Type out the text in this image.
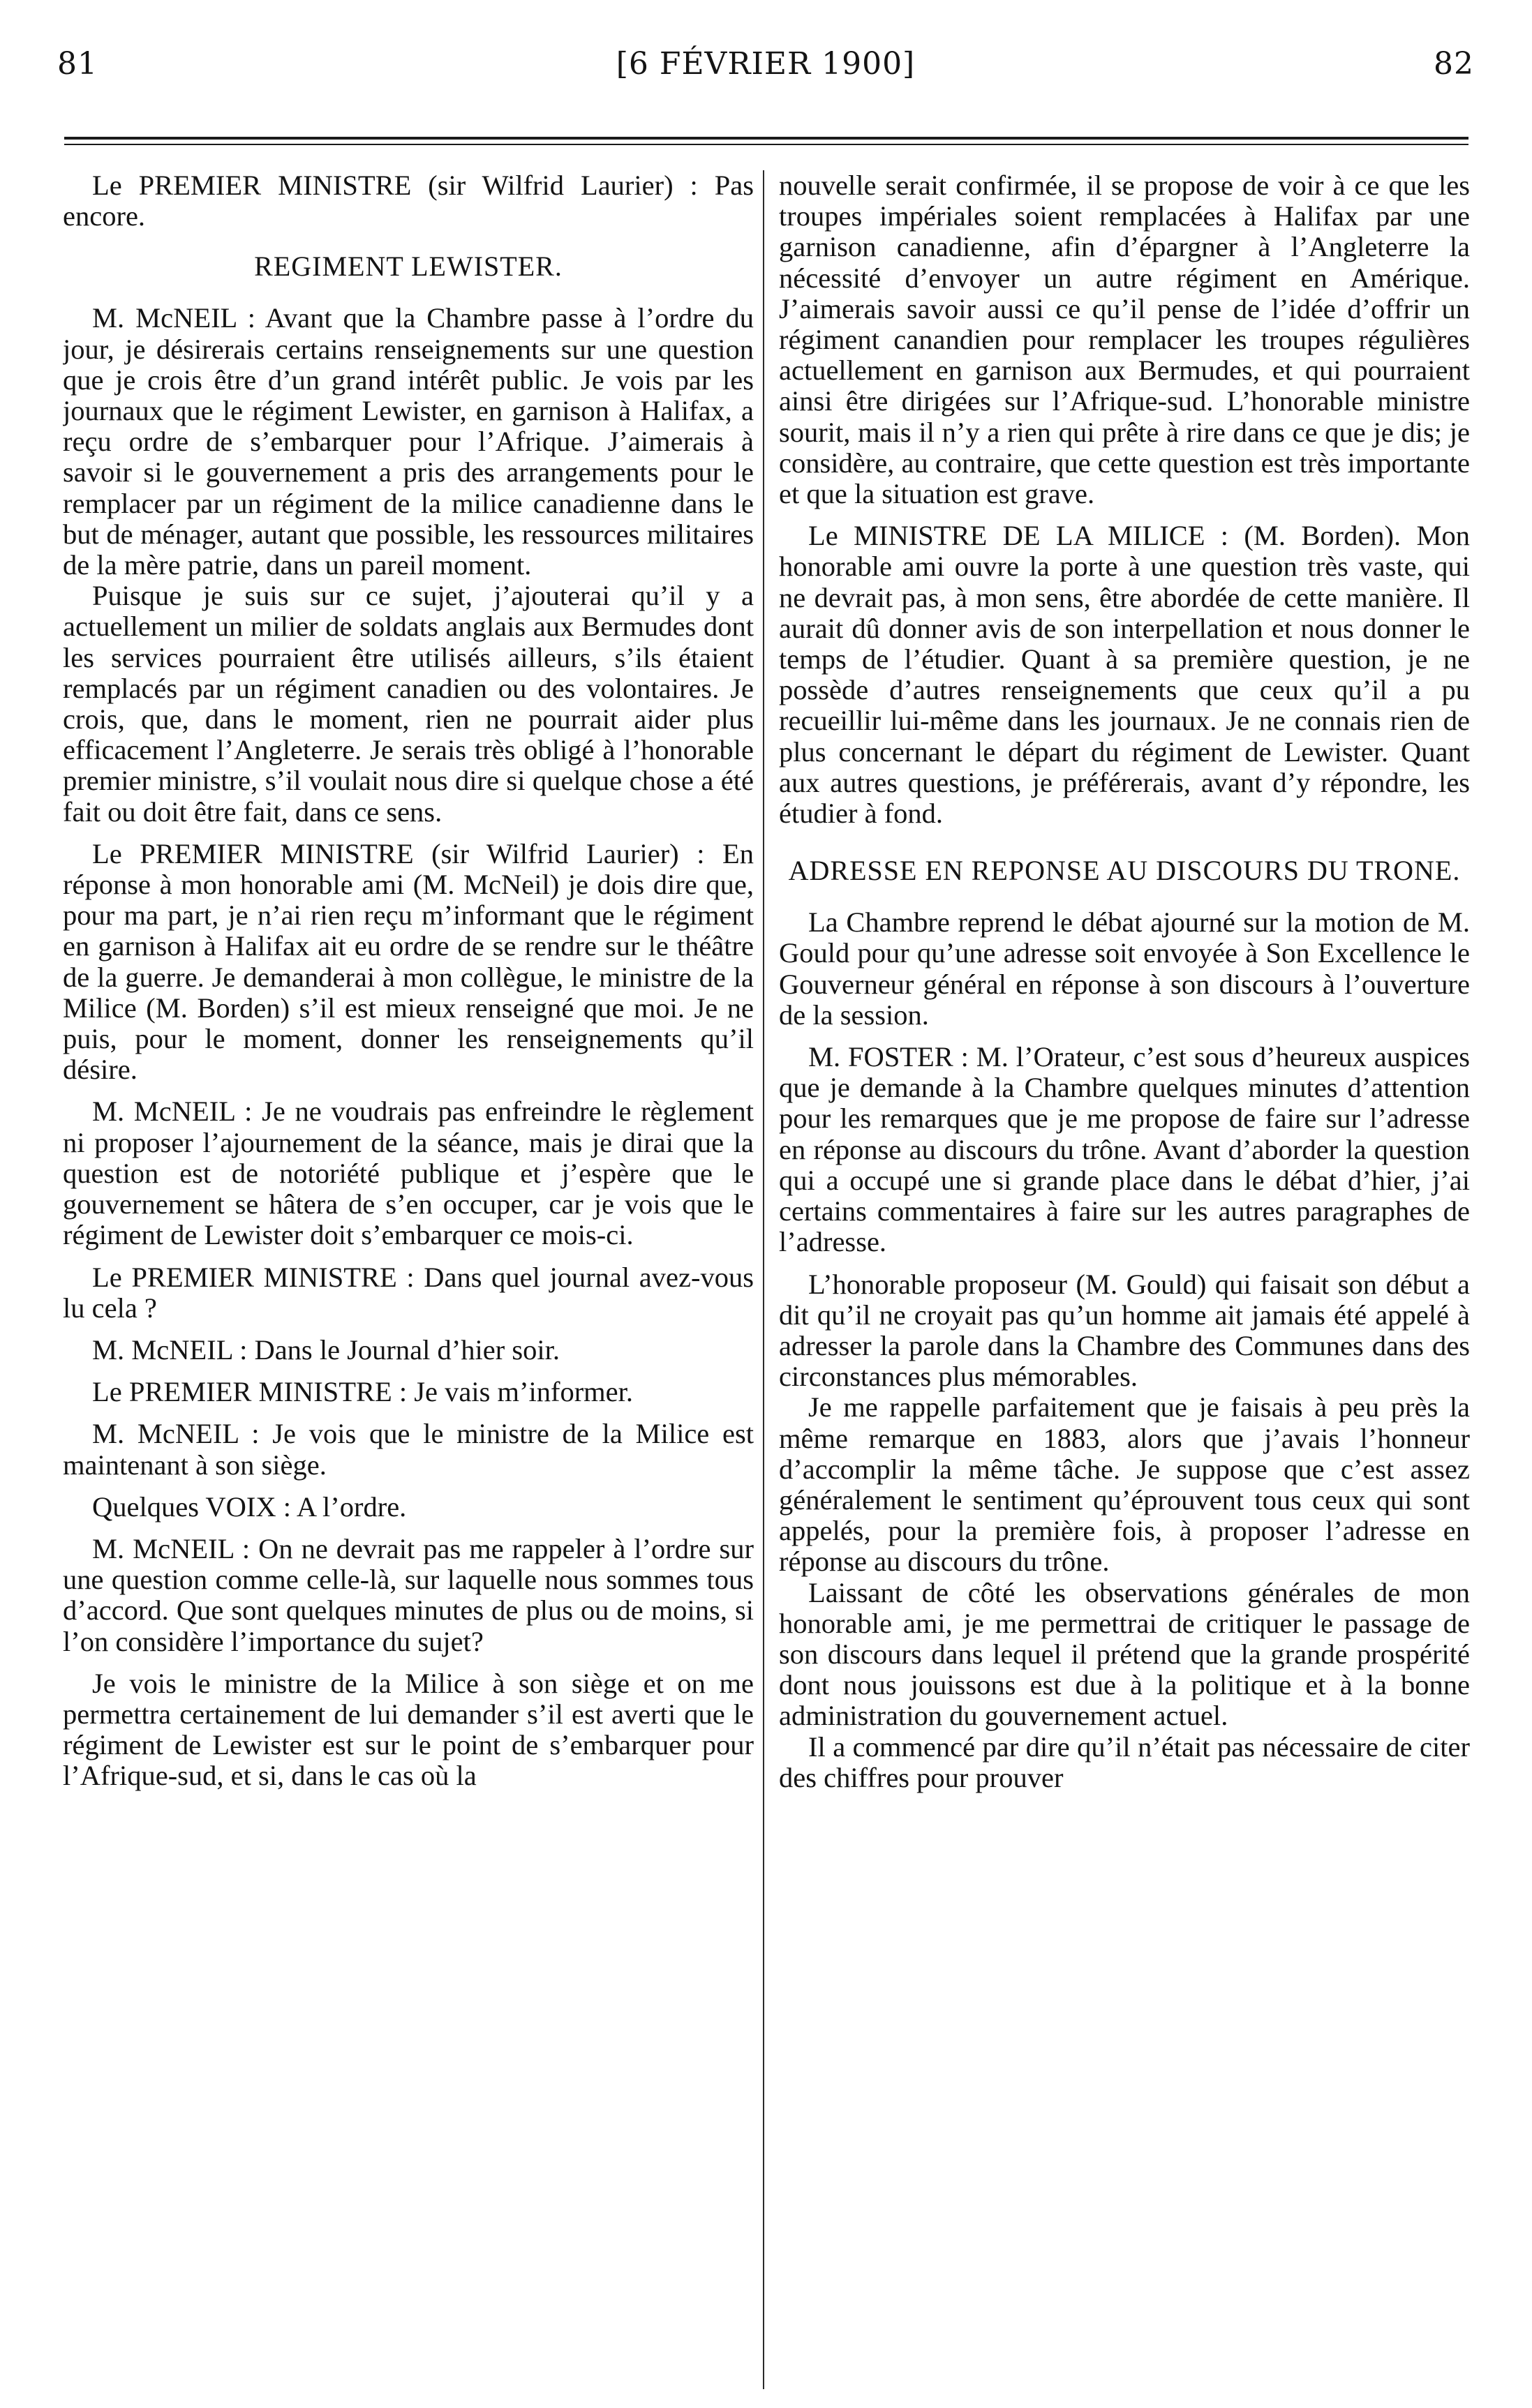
81	[6 FÉVRIER 1900]	82

Le PREMIER MINISTRE (sir Wilfrid Laurier) : Pas encore.

REGIMENT LEWISTER.

M. McNEIL : Avant que la Chambre passe à l’ordre du jour, je désirerais certains renseignements sur une question que je crois être d’un grand intérêt public. Je vois par les journaux que le régiment Lewister, en garnison à Halifax, a reçu ordre de s’embarquer pour l’Afrique. J’aimerais à savoir si le gouvernement a pris des arrangements pour le remplacer par un régiment de la milice canadienne dans le but de ménager, autant que possible, les ressources militaires de la mère patrie, dans un pareil moment.

Puisque je suis sur ce sujet, j’ajouterai qu’il y a actuellement un milier de soldats anglais aux Bermudes dont les services pourraient être utilisés ailleurs, s’ils étaient remplacés par un régiment canadien ou des volontaires. Je crois, que, dans le moment, rien ne pourrait aider plus efficacement l’Angleterre. Je serais très obligé à l’honorable premier ministre, s’il voulait nous dire si quelque chose a été fait ou doit être fait, dans ce sens.

Le PREMIER MINISTRE (sir Wilfrid Laurier) : En réponse à mon honorable ami (M. McNeil) je dois dire que, pour ma part, je n’ai rien reçu m’informant que le régiment en garnison à Halifax ait eu ordre de se rendre sur le théâtre de la guerre. Je demanderai à mon collègue, le ministre de la Milice (M. Borden) s’il est mieux renseigné que moi. Je ne puis, pour le moment, donner les renseignements qu’il désire.

M. McNEIL : Je ne voudrais pas enfreindre le règlement ni proposer l’ajournement de la séance, mais je dirai que la question est de notoriété publique et j’espère que le gouvernement se hâtera de s’en occuper, car je vois que le régiment de Lewister doit s’embarquer ce mois-ci.

Le PREMIER MINISTRE : Dans quel journal avez-vous lu cela ?

M. McNEIL : Dans le Journal d’hier soir.

Le PREMIER MINISTRE : Je vais m’informer.

M. McNEIL : Je vois que le ministre de la Milice est maintenant à son siège.

Quelques VOIX : A l’ordre.

M. McNEIL : On ne devrait pas me rappeler à l’ordre sur une question comme celle-là, sur laquelle nous sommes tous d’accord. Que sont quelques minutes de plus ou de moins, si l’on considère l’importance du sujet?

Je vois le ministre de la Milice à son siège et on me permettra certainement de lui demander s’il est averti que le régiment de Lewister est sur le point de s’embarquer pour l’Afrique-sud, et si, dans le cas où la

nouvelle serait confirmée, il se propose de voir à ce que les troupes impériales soient remplacées à Halifax par une garnison canadienne, afin d’épargner à l’Angleterre la nécessité d’envoyer un autre régiment en Amérique. J’aimerais savoir aussi ce qu’il pense de l’idée d’offrir un régiment canandien pour remplacer les troupes régulières actuellement en garnison aux Bermudes, et qui pourraient ainsi être dirigées sur l’Afrique-sud. L’honorable ministre sourit, mais il n’y a rien qui prête à rire dans ce que je dis; je considère, au contraire, que cette question est très importante et que la situation est grave.

Le MINISTRE DE LA MILICE : (M. Borden). Mon honorable ami ouvre la porte à une question très vaste, qui ne devrait pas, à mon sens, être abordée de cette manière. Il aurait dû donner avis de son interpellation et nous donner le temps de l’étudier. Quant à sa première question, je ne possède d’autres renseignements que ceux qu’il a pu recueillir lui-même dans les journaux. Je ne connais rien de plus concernant le départ du régiment de Lewister. Quant aux autres questions, je préférerais, avant d’y répondre, les étudier à fond.

ADRESSE EN REPONSE AU DISCOURS DU TRONE.

La Chambre reprend le débat ajourné sur la motion de M. Gould pour qu’une adresse soit envoyée à Son Excellence le Gouverneur général en réponse à son discours à l’ouverture de la session.

M. FOSTER : M. l’Orateur, c’est sous d’heureux auspices que je demande à la Chambre quelques minutes d’attention pour les remarques que je me propose de faire sur l’adresse en réponse au discours du trône. Avant d’aborder la question qui a occupé une si grande place dans le débat d’hier, j’ai certains commentaires à faire sur les autres paragraphes de l’adresse.

L’honorable proposeur (M. Gould) qui faisait son début a dit qu’il ne croyait pas qu’un homme ait jamais été appelé à adresser la parole dans la Chambre des Communes dans des circonstances plus mémorables.

Je me rappelle parfaitement que je faisais à peu près la même remarque en 1883, alors que j’avais l’honneur d’accomplir la même tâche. Je suppose que c’est assez généralement le sentiment qu’éprouvent tous ceux qui sont appelés, pour la première fois, à proposer l’adresse en réponse au discours du trône.

Laissant de côté les observations générales de mon honorable ami, je me permettrai de critiquer le passage de son discours dans lequel il prétend que la grande prospérité dont nous jouissons est due à la politique et à la bonne administration du gouvernement actuel.

Il a commencé par dire qu’il n’était pas nécessaire de citer des chiffres pour prouver
